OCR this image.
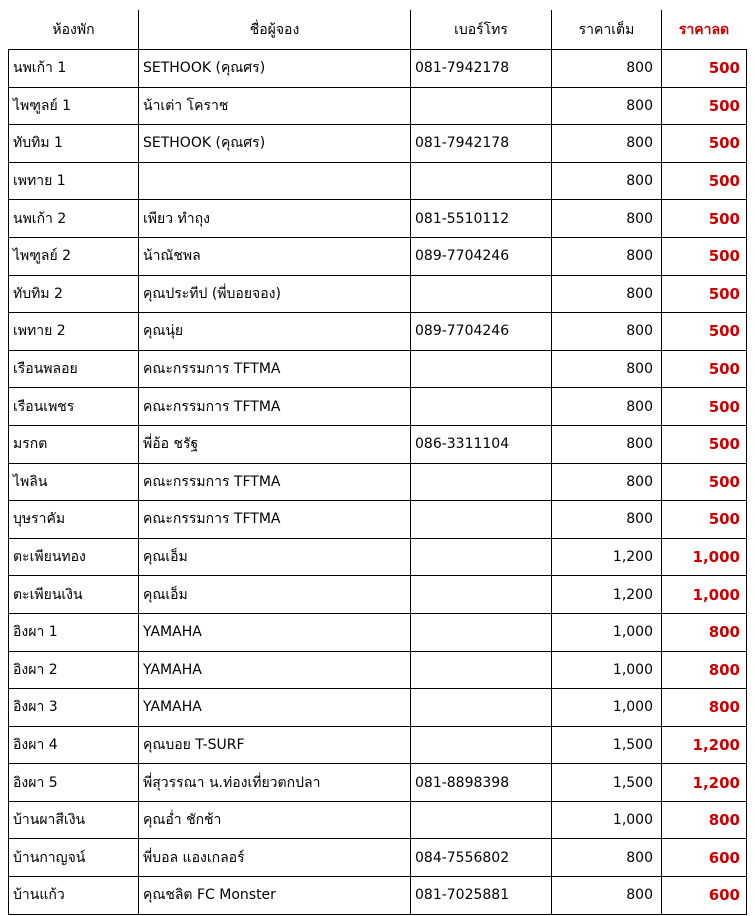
ห้องพัก	ชื่อผู้จอง	เบอร์โทร	ราคาเต็ม	ราคาลด
นพเก้า 1	SETHOOK (คุณศร)	081-7942178	800	500
ไพฑูลย์ 1	น้าเต่า โคราช		800	500
ทับทิม 1	SETHOOK (คุณศร)	081-7942178	800	500
เพทาย 1			800	500
นพเก้า 2	เพียว ทำถุง	081-5510112	800	500
ไพฑูลย์ 2	น้าณัชพล	089-7704246	800	500
ทับทิม 2	คุณประทีป (พี่บอยจอง)		800	500
เพทาย 2	คุณนุ่ย	089-7704246	800	500
เรือนพลอย	คณะกรรมการ TFTMA		800	500
เรือนเพชร	คณะกรรมการ TFTMA		800	500
มรกต	พี่อ้อ ชรัฐ	086-3311104	800	500
ไพลิน	คณะกรรมการ TFTMA		800	500
บุษราคัม	คณะกรรมการ TFTMA		800	500
ตะเพียนทอง	คุณเอ็ม		1,200	1,000
ตะเพียนเงิน	คุณเอ็ม		1,200	1,000
อิงผา 1	YAMAHA		1,000	800
อิงผา 2	YAMAHA		1,000	800
อิงผา 3	YAMAHA		1,000	800
อิงผา 4	คุณบอย T-SURF		1,500	1,200
อิงผา 5	พี่สุวรรณา น.ท่องเที่ยวตกปลา	081-8898398	1,500	1,200
บ้านผาสีเงิน	คุณอ่ำ ชักช้า		1,000	800
บ้านกาญจน์	พี่บอล แองเกลอร์	084-7556802	800	600
บ้านแก้ว	คุณชลิต FC Monster	081-7025881	800	600
